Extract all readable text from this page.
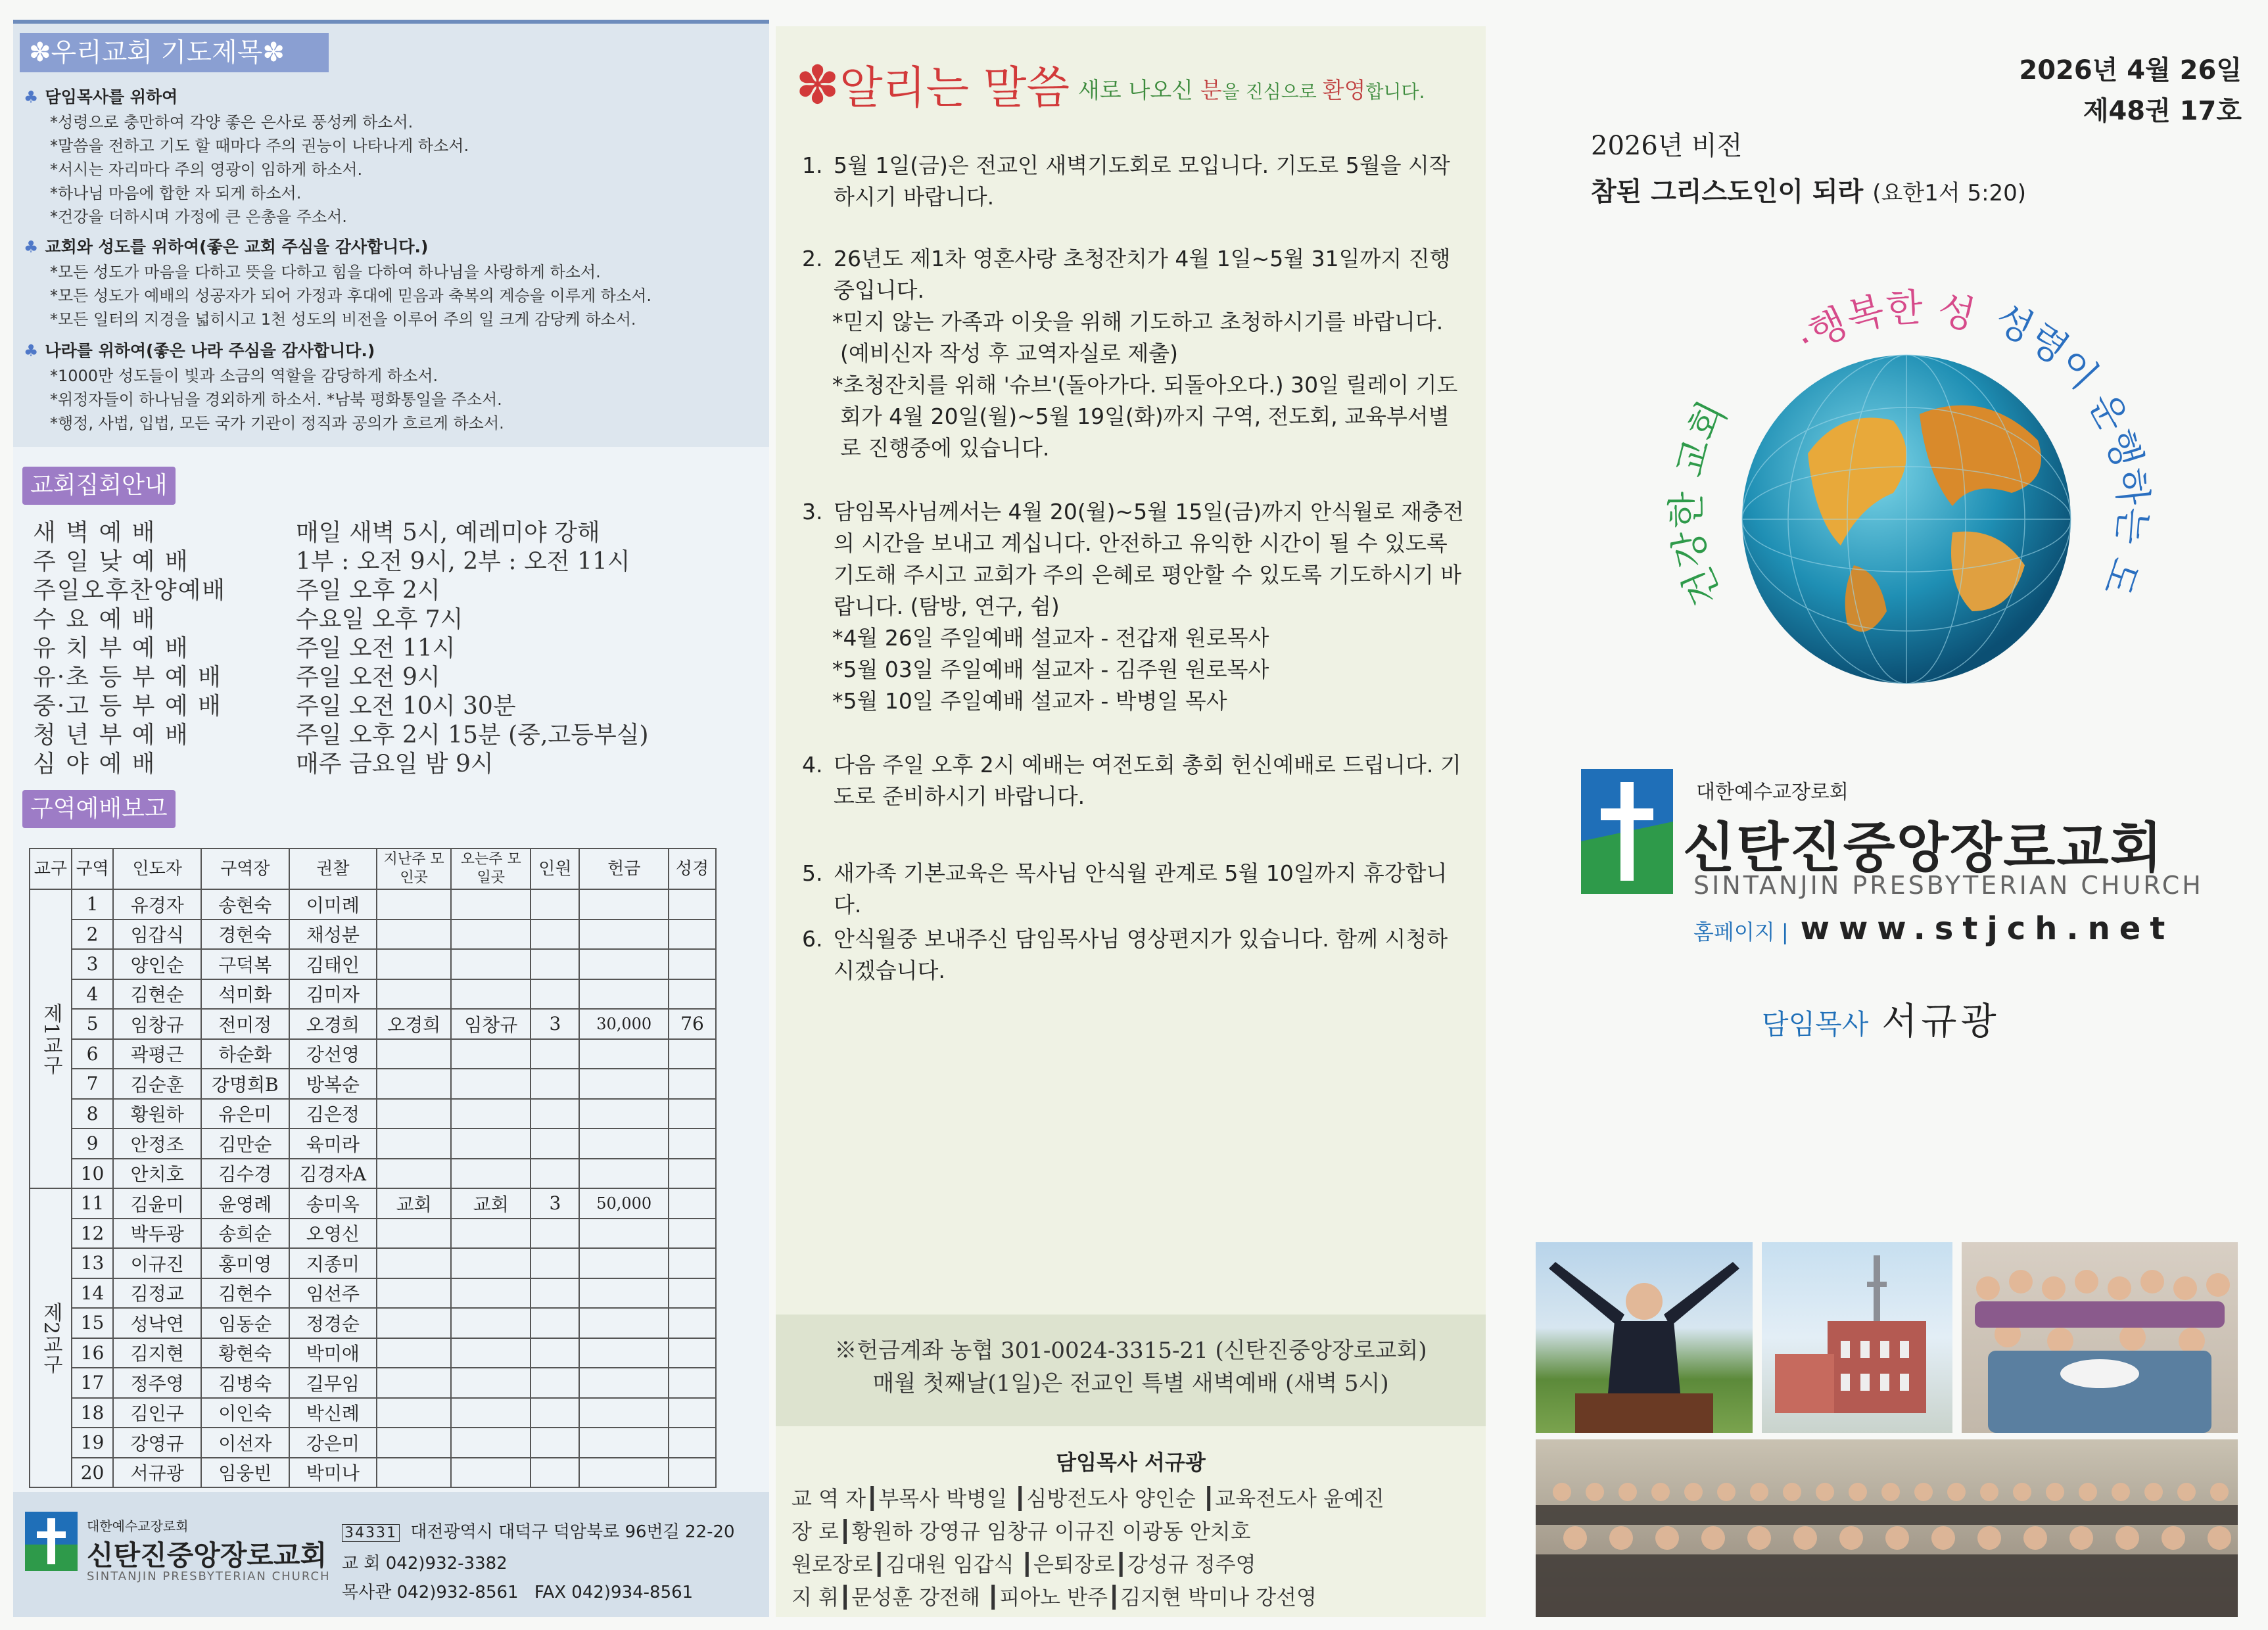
✽우리교회 기도제목✽
♣ 담임목사를 위하여
*성령으로 충만하여 각양 좋은 은사로 풍성케 하소서.
*말씀을 전하고 기도 할 때마다 주의 권능이 나타나게 하소서.
*서시는 자리마다 주의 영광이 임하게 하소서.
*하나님 마음에 합한 자 되게 하소서.
*건강을 더하시며 가정에 큰 은총을 주소서.
♣ 교회와 성도를 위하여(좋은 교회 주심을 감사합니다.)
*모든 성도가 마음을 다하고 뜻을 다하고 힘을 다하여 하나님을 사랑하게 하소서.
*모든 성도가 예배의 성공자가 되어 가정과 후대에 믿음과 축복의 계승을 이루게 하소서.
*모든 일터의 지경을 넓히시고 1천 성도의 비전을 이루어 주의 일 크게 감당케 하소서.
♣ 나라를 위하여(좋은 나라 주심을 감사합니다.)
*1000만 성도들이 빛과 소금의 역할을 감당하게 하소서.
*위정자들이 하나님을 경외하게 하소서. *남북 평화통일을 주소서.
*행정, 사법, 입법, 모든 국가 기관이 정직과 공의가 흐르게 하소서.
교회집회안내
새 벽 예 배	매일 새벽 5시, 예레미야 강해
주 일 낮 예 배	1부 : 오전 9시, 2부 : 오전 11시
주일오후찬양예배	주일 오후 2시
수 요 예 배	수요일 오후 7시
유 치 부 예 배	주일 오전 11시
유·초 등 부 예 배	주일 오전 9시
중·고 등 부 예 배	주일 오전 10시 30분
청 년 부 예 배	주일 오후 2시 15분 (중,고등부실)
심 야 예 배	매주 금요일 밤 9시
구역예배보고
교구	구역	인도자	구역장	권찰	지난주 모인곳	오는주 모일곳	인원	헌금	성경
제1교구	1	유경자	송현숙	이미례					
	2	임갑식	경현숙	채성분					
	3	양인순	구덕복	김태인					
	4	김현순	석미화	김미자					
	5	임창규	전미정	오경희	오경희	임창규	3	30,000	76
	6	곽평근	하순화	강선영					
	7	김순훈	강명희B	방복순					
	8	황원하	유은미	김은정					
	9	안정조	김만순	육미라					
	10	안치호	김수경	김경자A					
제2교구	11	김윤미	윤영례	송미옥	교회	교회	3	50,000	
	12	박두광	송희순	오영신					
	13	이규진	홍미영	지종미					
	14	김정교	김현수	임선주					
	15	성낙연	임동순	정경순					
	16	김지현	황현숙	박미애					
	17	정주영	김병숙	길무임					
	18	김인구	이인숙	박신례					
	19	강영규	이선자	강은미					
	20	서규광	임웅빈	박미나					
대한예수교장로회
신탄진중앙장로교회
SINTANJIN PRESBYTERIAN CHURCH
34331 대전광역시 대덕구 덕암북로 96번길 22-20
교 회 042)932-3382
목사관 042)932-8561 FAX 042)934-8561
✽알리는 말씀 새로 나오신 분을 진심으로 환영합니다.
1. 5월 1일(금)은 전교인 새벽기도회로 모입니다. 기도로 5월을 시작하시기 바랍니다.
2. 26년도 제1차 영혼사랑 초청잔치가 4월 1일~5월 31일까지 진행중입니다.
*믿지 않는 가족과 이웃을 위해 기도하고 초청하시기를 바랍니다. (예비신자 작성 후 교역자실로 제출)
*초청잔치를 위해 '슈브'(돌아가다. 되돌아오다.) 30일 릴레이 기도회가 4월 20일(월)~5월 19일(화)까지 구역, 전도회, 교육부서별로 진행중에 있습니다.
3. 담임목사님께서는 4월 20(월)~5월 15일(금)까지 안식월로 재충전의 시간을 보내고 계십니다. 안전하고 유익한 시간이 될 수 있도록 기도해 주시고 교회가 주의 은혜로 평안할 수 있도록 기도하시기 바랍니다. (탐방, 연구, 쉼)
*4월 26일 주일예배 설교자 - 전갑재 원로목사
*5월 03일 주일예배 설교자 - 김주원 원로목사
*5월 10일 주일예배 설교자 - 박병일 목사
4. 다음 주일 오후 2시 예배는 여전도회 총회 헌신예배로 드립니다. 기도로 준비하시기 바랍니다.
5. 새가족 기본교육은 목사님 안식월 관계로 5월 10일까지 휴강합니다.
6. 안식월중 보내주신 담임목사님 영상편지가 있습니다. 함께 시청하시겠습니다.
※헌금계좌 농협 301-0024-3315-21 (신탄진중앙장로교회)
매월 첫째날(1일)은 전교인 특별 새벽예배 (새벽 5시)
담임목사 서규광
교 역 자┃부목사 박병일 ┃심방전도사 양인순 ┃교육전도사 윤예진
장 로┃황원하 강영규 임창규 이규진 이광동 안치호
원로장로┃김대원 임갑식 ┃은퇴장로┃강성규 정주영
지 휘┃문성훈 강전해 ┃피아노 반주┃김지현 박미나 강선영
2026년 4월 26일
제48권 17호
2026년 비전
참된 그리스도인이 되라 (요한1서 5:20)
건강한 교회
·행복한 성 성령이 운행하는 도
대한예수교장로회
신탄진중앙장로교회
SINTANJIN PRESBYTERIAN CHURCH
홈페이지 | www.stjch.net
담임목사 서규광
